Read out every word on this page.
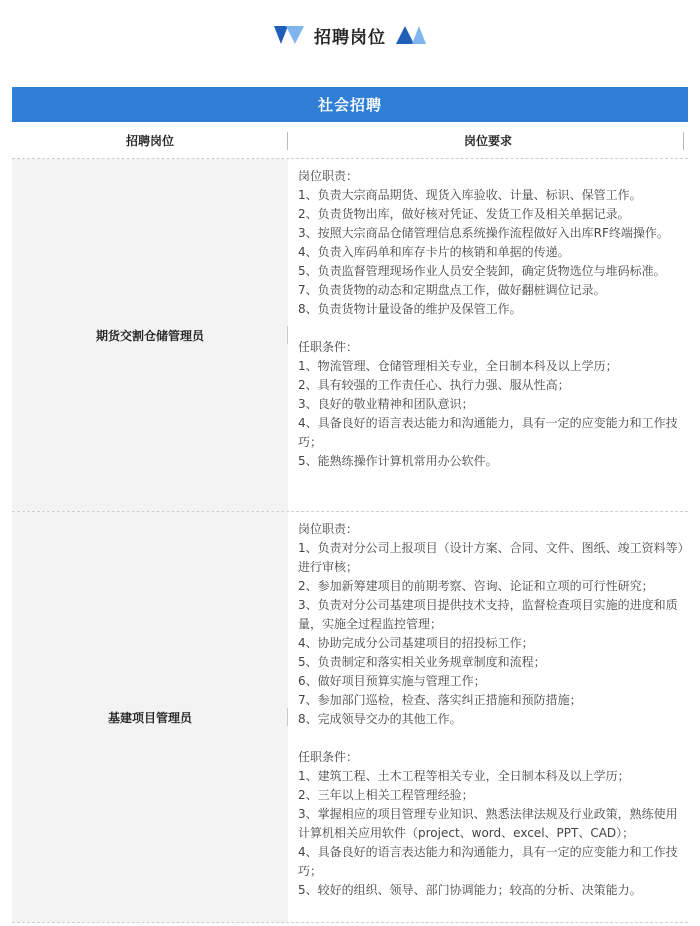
招聘岗位
社会招聘
招聘岗位	岗位要求
期货交割仓储管理员

岗位职责：

1、负责大宗商品期货、现货入库验收、计量、标识、保管工作。

2、负责货物出库，做好核对凭证、发货工作及相关单据记录。

3、按照大宗商品仓储管理信息系统操作流程做好入出库RF终端操作。

4、负责入库码单和库存卡片的核销和单据的传递。

5、负责监督管理现场作业人员安全装卸，确定货物选位与堆码标准。

7、负责货物的动态和定期盘点工作，做好翻桩调位记录。

8、负责货物计量设备的维护及保管工作。

任职条件：

1、物流管理、仓储管理相关专业，全日制本科及以上学历；

2、具有较强的工作责任心、执行力强、服从性高；

3、良好的敬业精神和团队意识；

4、具备良好的语言表达能力和沟通能力，具有一定的应变能力和工作技巧；

5、能熟练操作计算机常用办公软件。

基建项目管理员

岗位职责：

1、负责对分公司上报项目（设计方案、合同、文件、图纸、竣工资料等）进行审核；

2、参加新筹建项目的前期考察、咨询、论证和立项的可行性研究；

3、负责对分公司基建项目提供技术支持，监督检查项目实施的进度和质量，实施全过程监控管理；

4、协助完成分公司基建项目的招投标工作；

5、负责制定和落实相关业务规章制度和流程；

6、做好项目预算实施与管理工作；

7、参加部门巡检，检查、落实纠正措施和预防措施；

8、完成领导交办的其他工作。

任职条件：

1、建筑工程、土木工程等相关专业，全日制本科及以上学历；

2、三年以上相关工程管理经验；

3、掌握相应的项目管理专业知识、熟悉法律法规及行业政策，熟练使用计算机相关应用软件（project、word、excel、PPT、CAD）；

4、具备良好的语言表达能力和沟通能力，具有一定的应变能力和工作技巧；

5、较好的组织、领导、部门协调能力；较高的分析、决策能力。
